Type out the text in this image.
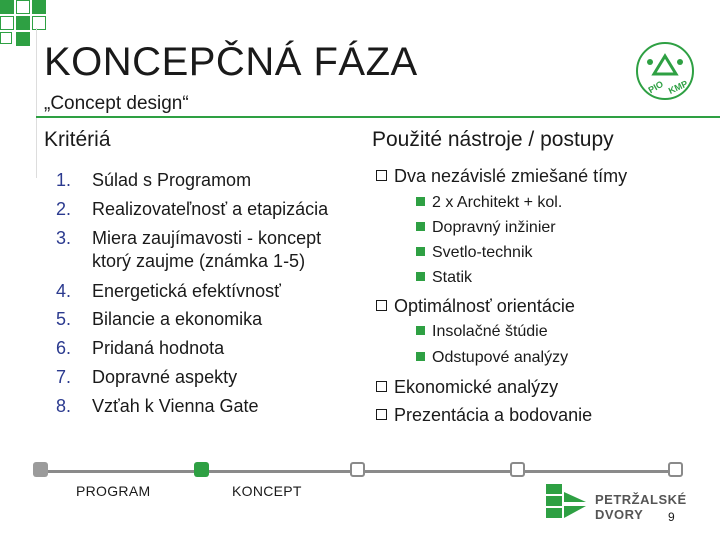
KONCEPČNÁ FÁZA
„Concept design“
PIO KMP
Kritériá	Použité nástroje / postupy
1.	Súlad s Programom
2.	Realizovateľnosť a etapizácia
3.	Miera zaujímavosti - koncept
ktorý zaujme (známka 1-5)
4.	Energetická efektívnosť
5.	Bilancie a ekonomika
6.	Pridaná hodnota
7.	Dopravné aspekty
8.	Vzťah k Vienna Gate
Dva nezávislé zmiešané tímy
2 x Architekt + kol.
Dopravný inžinier
Svetlo-technik
Statik
Optimálnosť orientácie
Insolačné štúdie
Odstupové analýzy
Ekonomické analýzy
Prezentácia a bodovanie
PROGRAM	KONCEPT
PETRŽALSKÉ
DVORY	9
